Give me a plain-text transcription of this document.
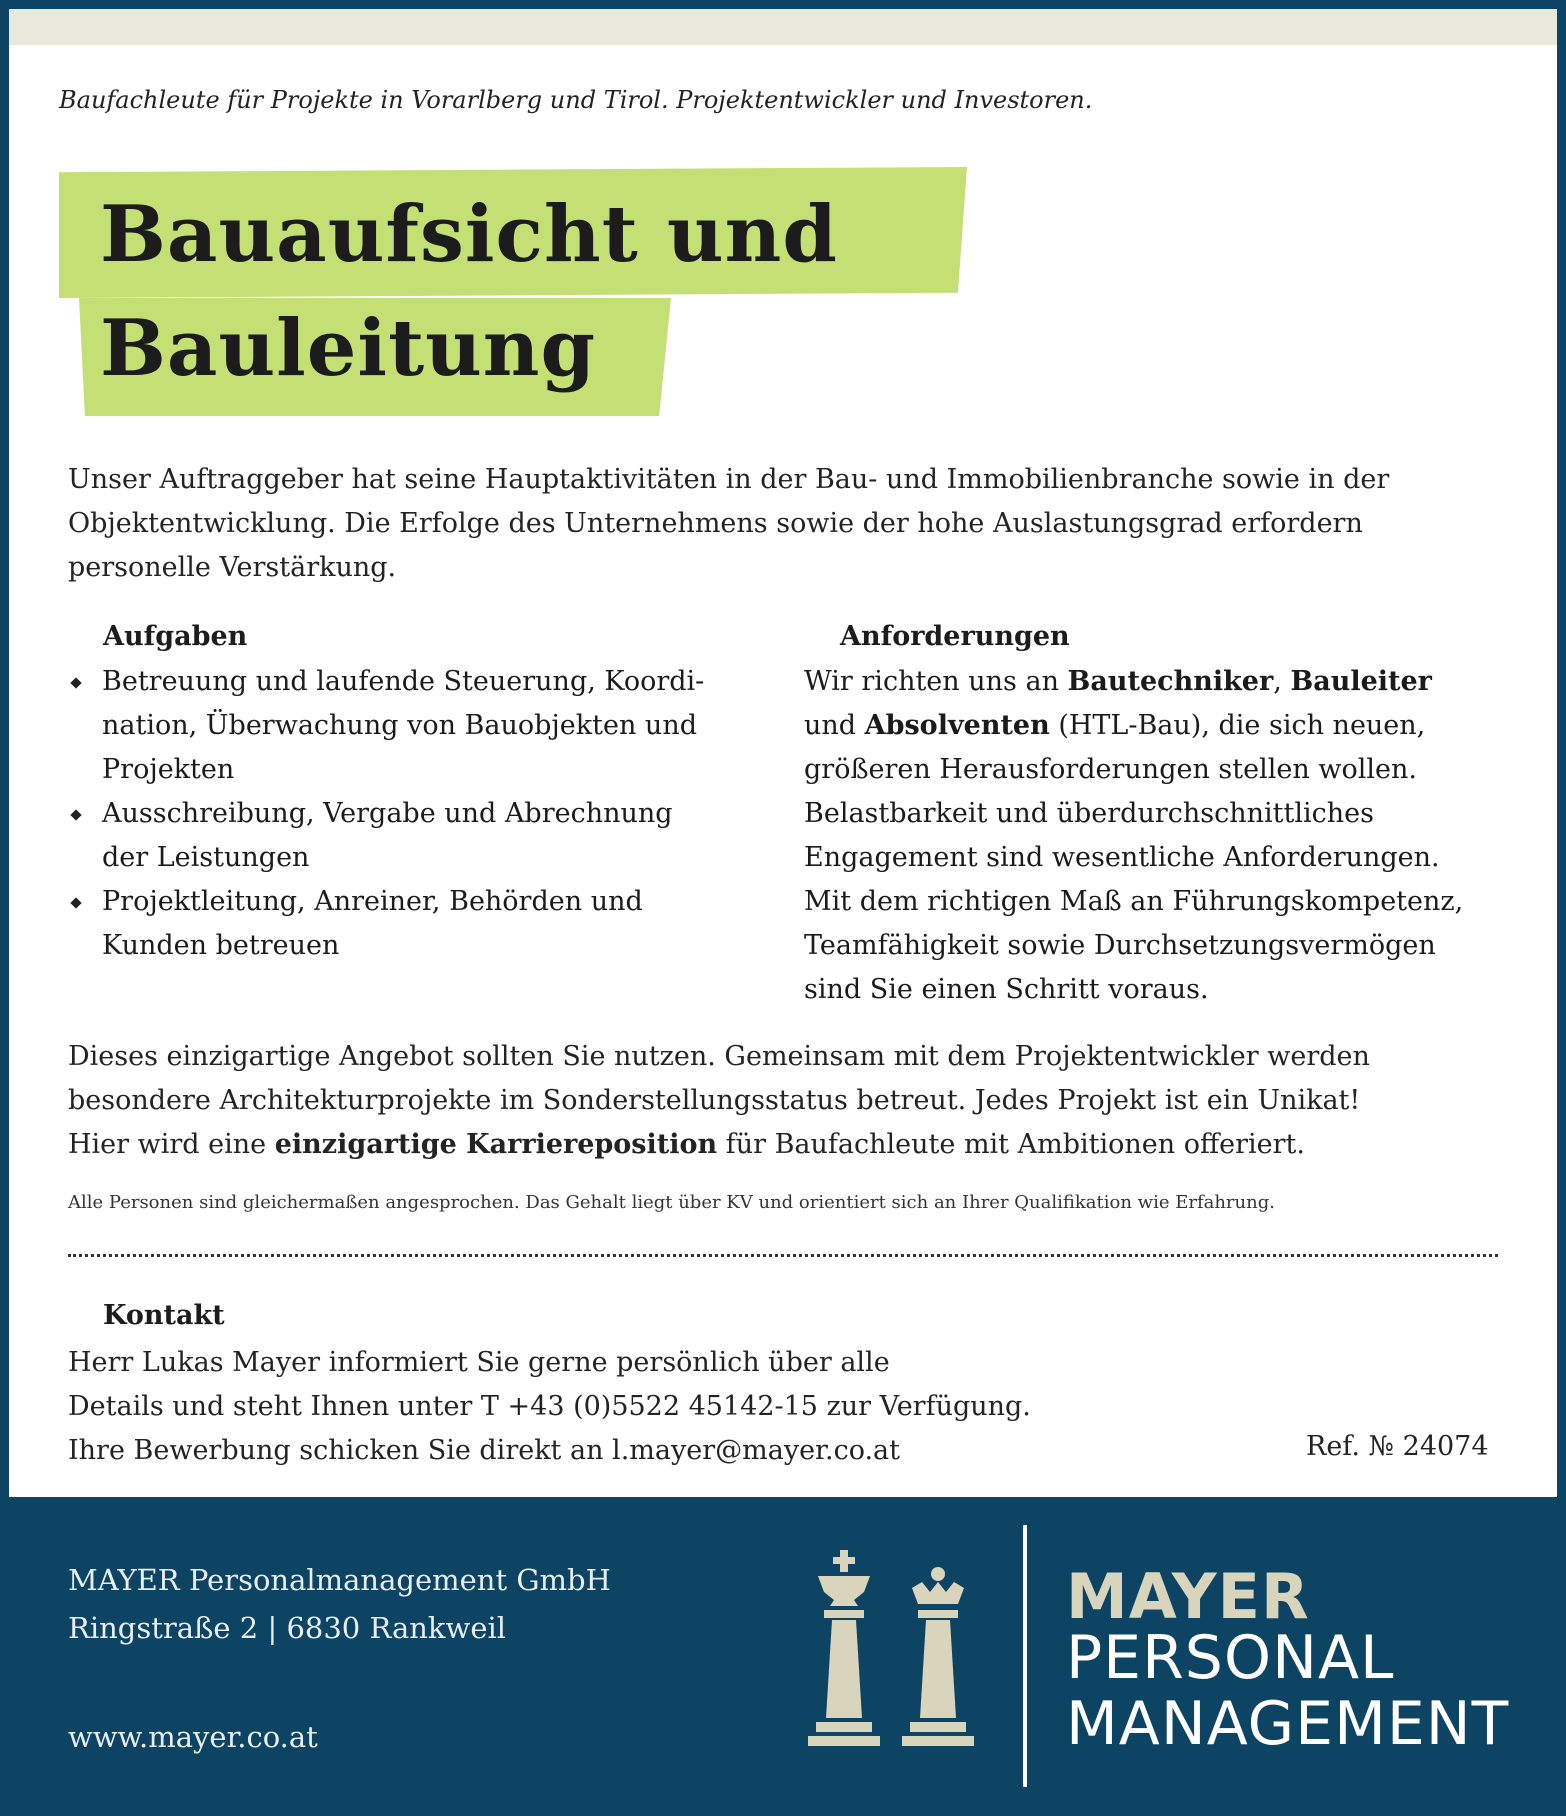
Baufachleute für Projekte in Vorarlberg und Tirol. Projektentwickler und Investoren.
Bauaufsicht und
Bauleitung
Unser Auftraggeber hat seine Hauptaktivitäten in der Bau- und Immobilienbranche sowie in der
Objektentwicklung. Die Erfolge des Unternehmens sowie der hohe Auslastungsgrad erfordern
personelle Verstärkung.
Aufgaben
Betreuung und laufende Steuerung, Koordi-
nation, Überwachung von Bauobjekten und
Projekten
Ausschreibung, Vergabe und Abrechnung
der Leistungen
Projektleitung, Anreiner, Behörden und
Kunden betreuen
Anforderungen
Wir richten uns an Bautechniker, Bauleiter
und Absolventen (HTL-Bau), die sich neuen,
größeren Herausforderungen stellen wollen.
Belastbarkeit und überdurchschnittliches
Engagement sind wesentliche Anforderungen.
Mit dem richtigen Maß an Führungskompetenz,
Teamfähigkeit sowie Durchsetzungsvermögen
sind Sie einen Schritt voraus.
Dieses einzigartige Angebot sollten Sie nutzen. Gemeinsam mit dem Projektentwickler werden
besondere Architekturprojekte im Sonderstellungsstatus betreut. Jedes Projekt ist ein Unikat!
Hier wird eine einzigartige Karriereposition für Baufachleute mit Ambitionen offeriert.
Alle Personen sind gleichermaßen angesprochen. Das Gehalt liegt über KV und orientiert sich an Ihrer Qualifikation wie Erfahrung.
Kontakt
Herr Lukas Mayer informiert Sie gerne persönlich über alle
Details und steht Ihnen unter T +43 (0)5522 45142-15 zur Verfügung.
Ihre Bewerbung schicken Sie direkt an l.mayer@mayer.co.at	Ref. № 24074
MAYER Personalmanagement GmbH
Ringstraße 2 | 6830 Rankweil
www.mayer.co.at
MAYER
PERSONAL
MANAGEMENT
